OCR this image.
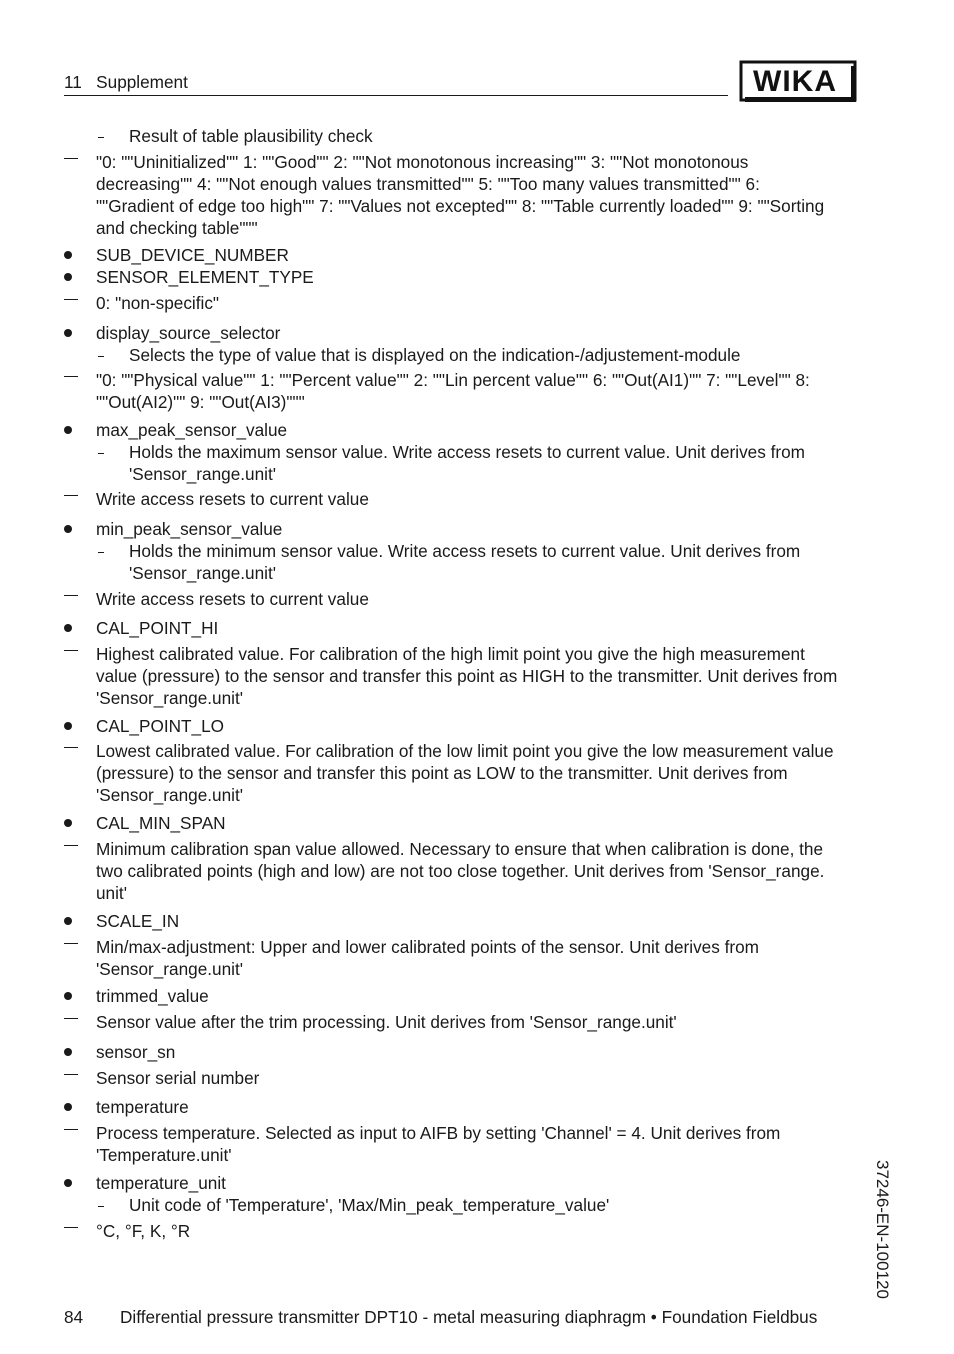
11   Supplement	WIKA
Result of table plausibility check
"0: ""Uninitialized"" 1: ""Good"" 2: ""Not monotonous increasing"" 3: ""Not monotonous
decreasing"" 4: ""Not enough values transmitted"" 5: ""Too many values transmitted"" 6:
""Gradient of edge too high"" 7: ""Values not excepted"" 8: ""Table currently loaded"" 9: ""Sorting
and checking table"""
SUB_DEVICE_NUMBER
SENSOR_ELEMENT_TYPE
0: "non-specific"
display_source_selector
Selects the type of value that is displayed on the indication-/adjustement-module
"0: ""Physical value"" 1: ""Percent value"" 2: ""Lin percent value"" 6: ""Out(AI1)"" 7: ""Level"" 8:
""Out(AI2)"" 9: ""Out(AI3)"""
max_peak_sensor_value
Holds the maximum sensor value. Write access resets to current value. Unit derives from
'Sensor_range.unit'
Write access resets to current value
min_peak_sensor_value
Holds the minimum sensor value. Write access resets to current value. Unit derives from
'Sensor_range.unit'
Write access resets to current value
CAL_POINT_HI
Highest calibrated value. For calibration of the high limit point you give the high measurement
value (pressure) to the sensor and transfer this point as HIGH to the transmitter. Unit derives from
'Sensor_range.unit'
CAL_POINT_LO
Lowest calibrated value. For calibration of the low limit point you give the low measurement value
(pressure) to the sensor and transfer this point as LOW to the transmitter. Unit derives from
'Sensor_range.unit'
CAL_MIN_SPAN
Minimum calibration span value allowed. Necessary to ensure that when calibration is done, the
two calibrated points (high and low) are not too close together. Unit derives from 'Sensor_range.
unit'
SCALE_IN
Min/max-adjustment: Upper and lower calibrated points of the sensor. Unit derives from
'Sensor_range.unit'
trimmed_value
Sensor value after the trim processing. Unit derives from 'Sensor_range.unit'
sensor_sn
Sensor serial number
temperature
Process temperature. Selected as input to AIFB by setting 'Channel' = 4. Unit derives from
'Temperature.unit'
temperature_unit
Unit code of 'Temperature', 'Max/Min_peak_temperature_value'
°C, °F, K, °R	37246-EN-100120
84 Differential pressure transmitter DPT10 - metal measuring diaphragm • Foundation Fieldbus
